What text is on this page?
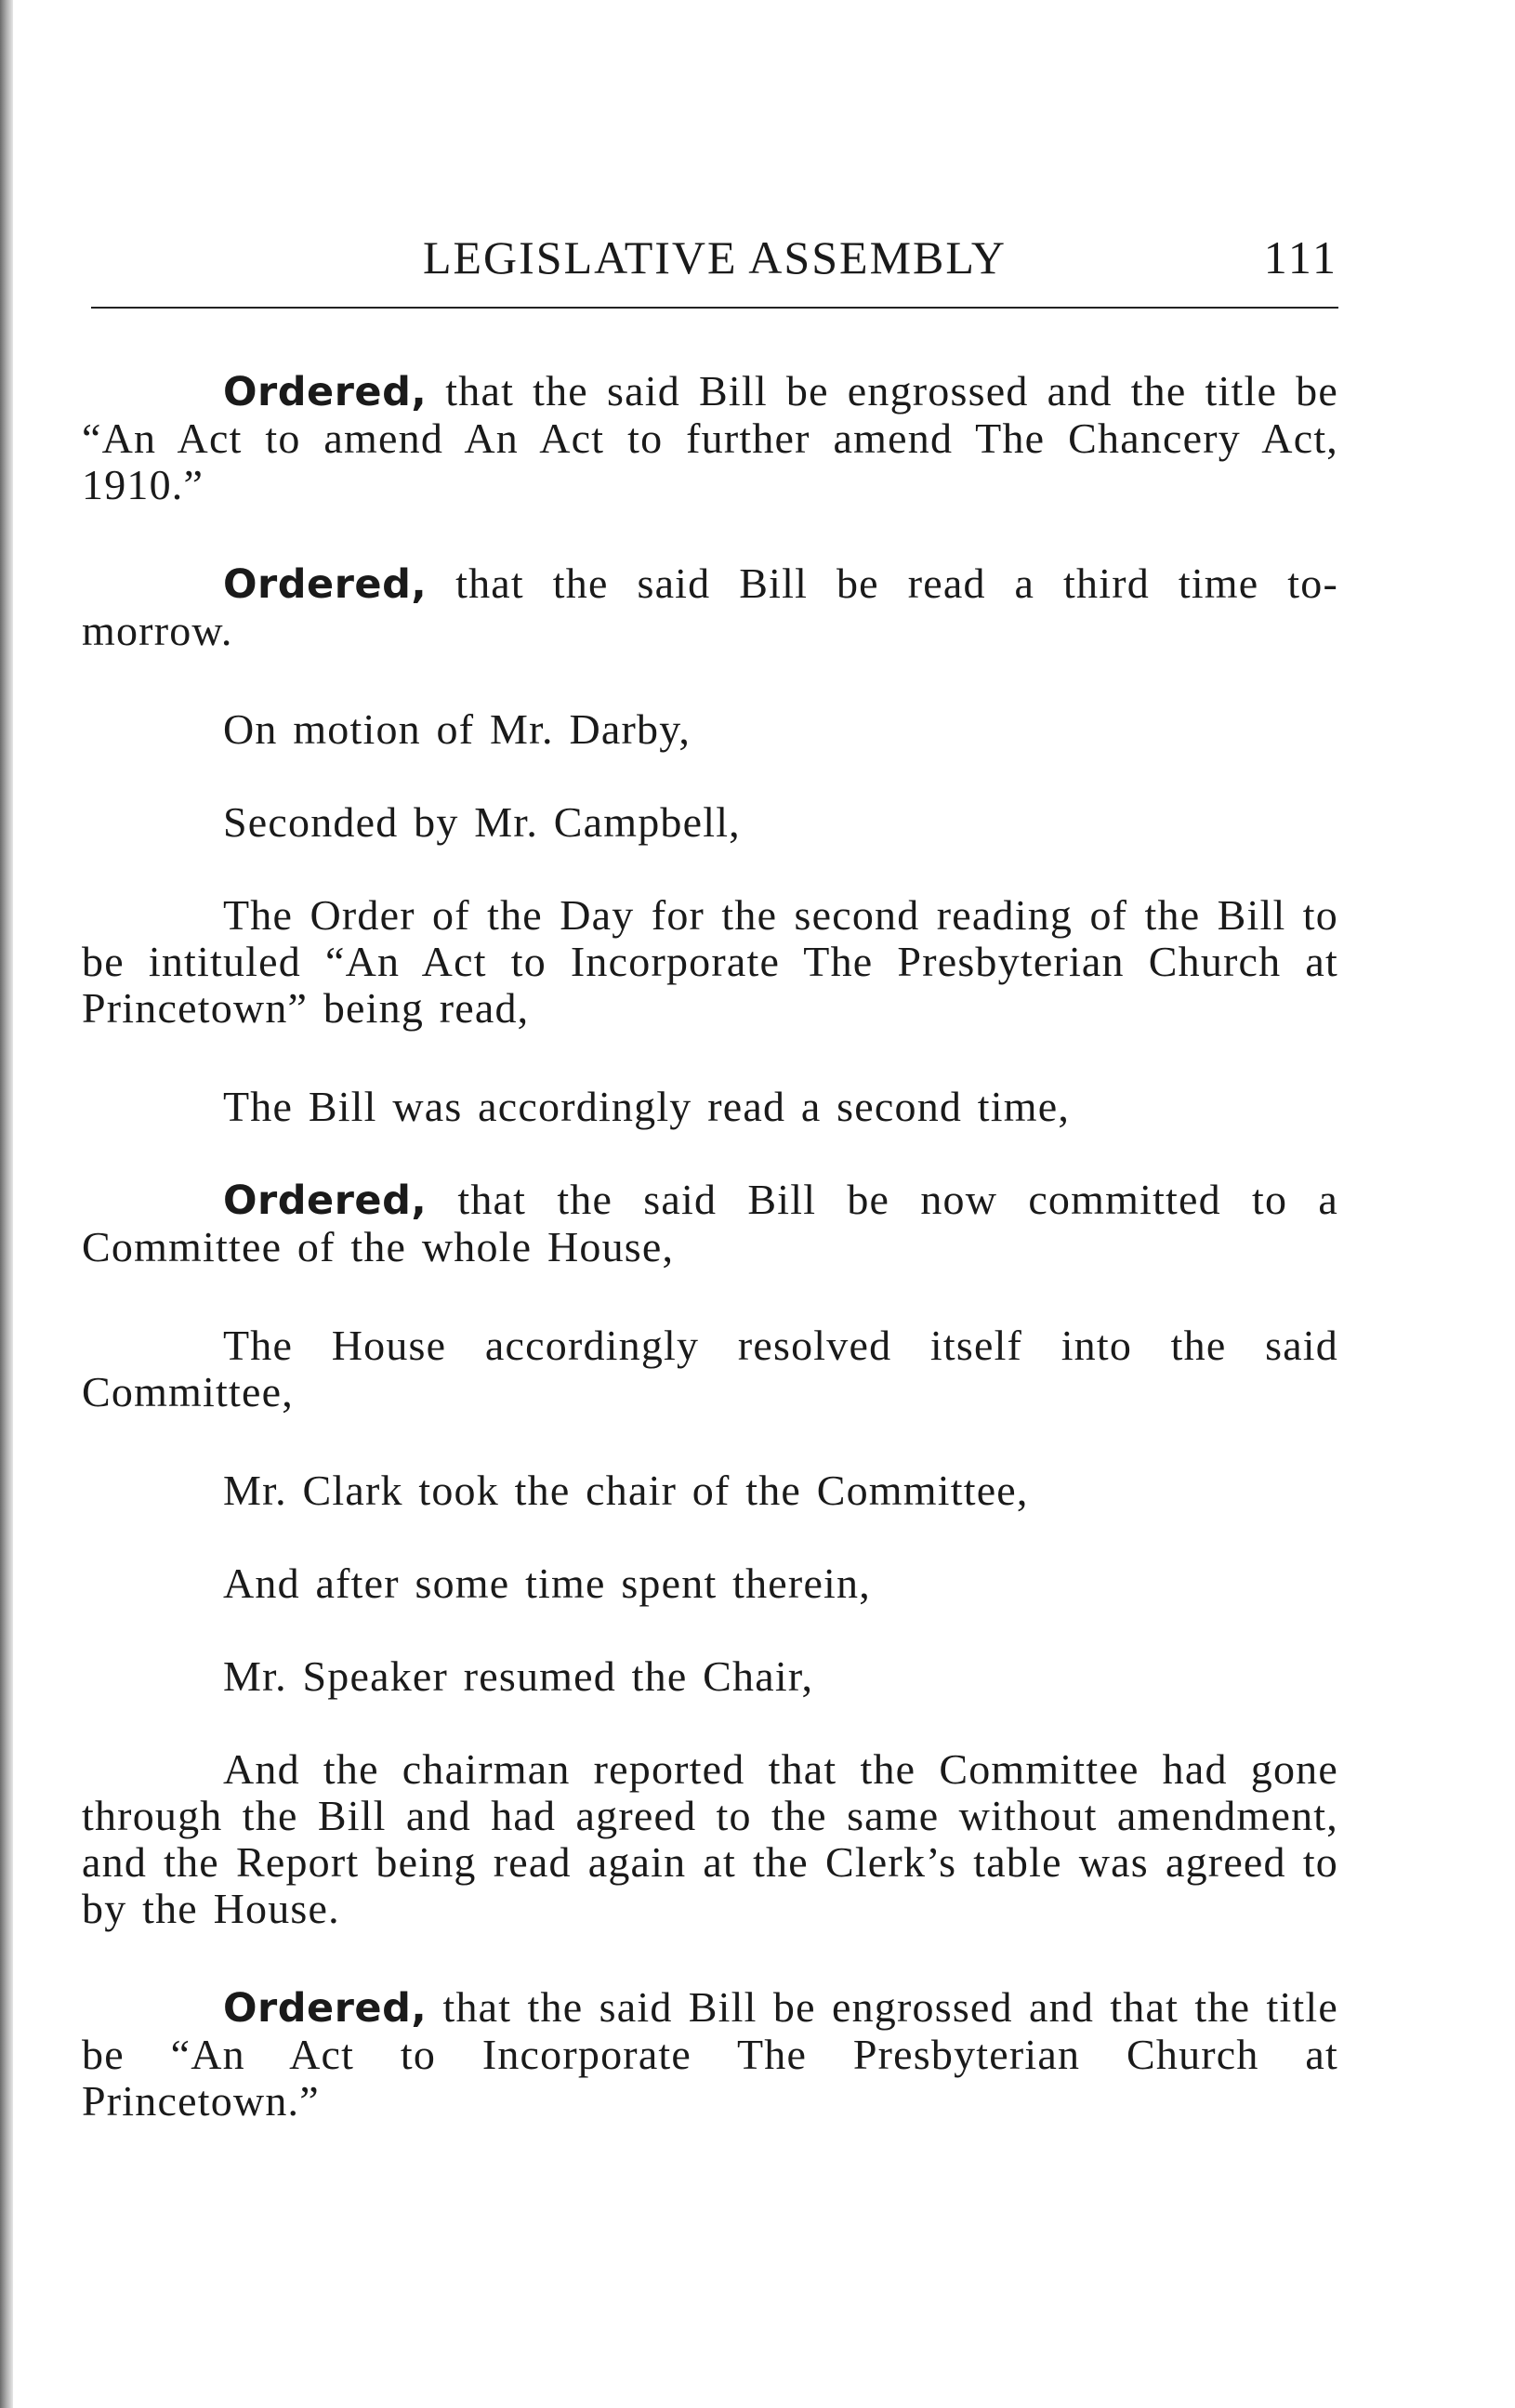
LEGISLATIVE ASSEMBLY	111

Ordered, that the said Bill be engrossed and the title be “An Act to amend An Act to further amend The Chancery Act, 1910.”

Ordered, that the said Bill be read a third time to-morrow.

On motion of Mr. Darby,

Seconded by Mr. Campbell,

The Order of the Day for the second reading of the Bill to be intituled “An Act to Incorporate The Presbyterian Church at Princetown” being read,

The Bill was accordingly read a second time,

Ordered, that the said Bill be now committed to a Committee of the whole House,

The House accordingly resolved itself into the said Committee,

Mr. Clark took the chair of the Committee,

And after some time spent therein,

Mr. Speaker resumed the Chair,

And the chairman reported that the Committee had gone through the Bill and had agreed to the same without amendment, and the Report being read again at the Clerk’s table was agreed to by the House.

Ordered, that the said Bill be engrossed and that the title be “An Act to Incorporate The Presbyterian Church at Princetown.”
